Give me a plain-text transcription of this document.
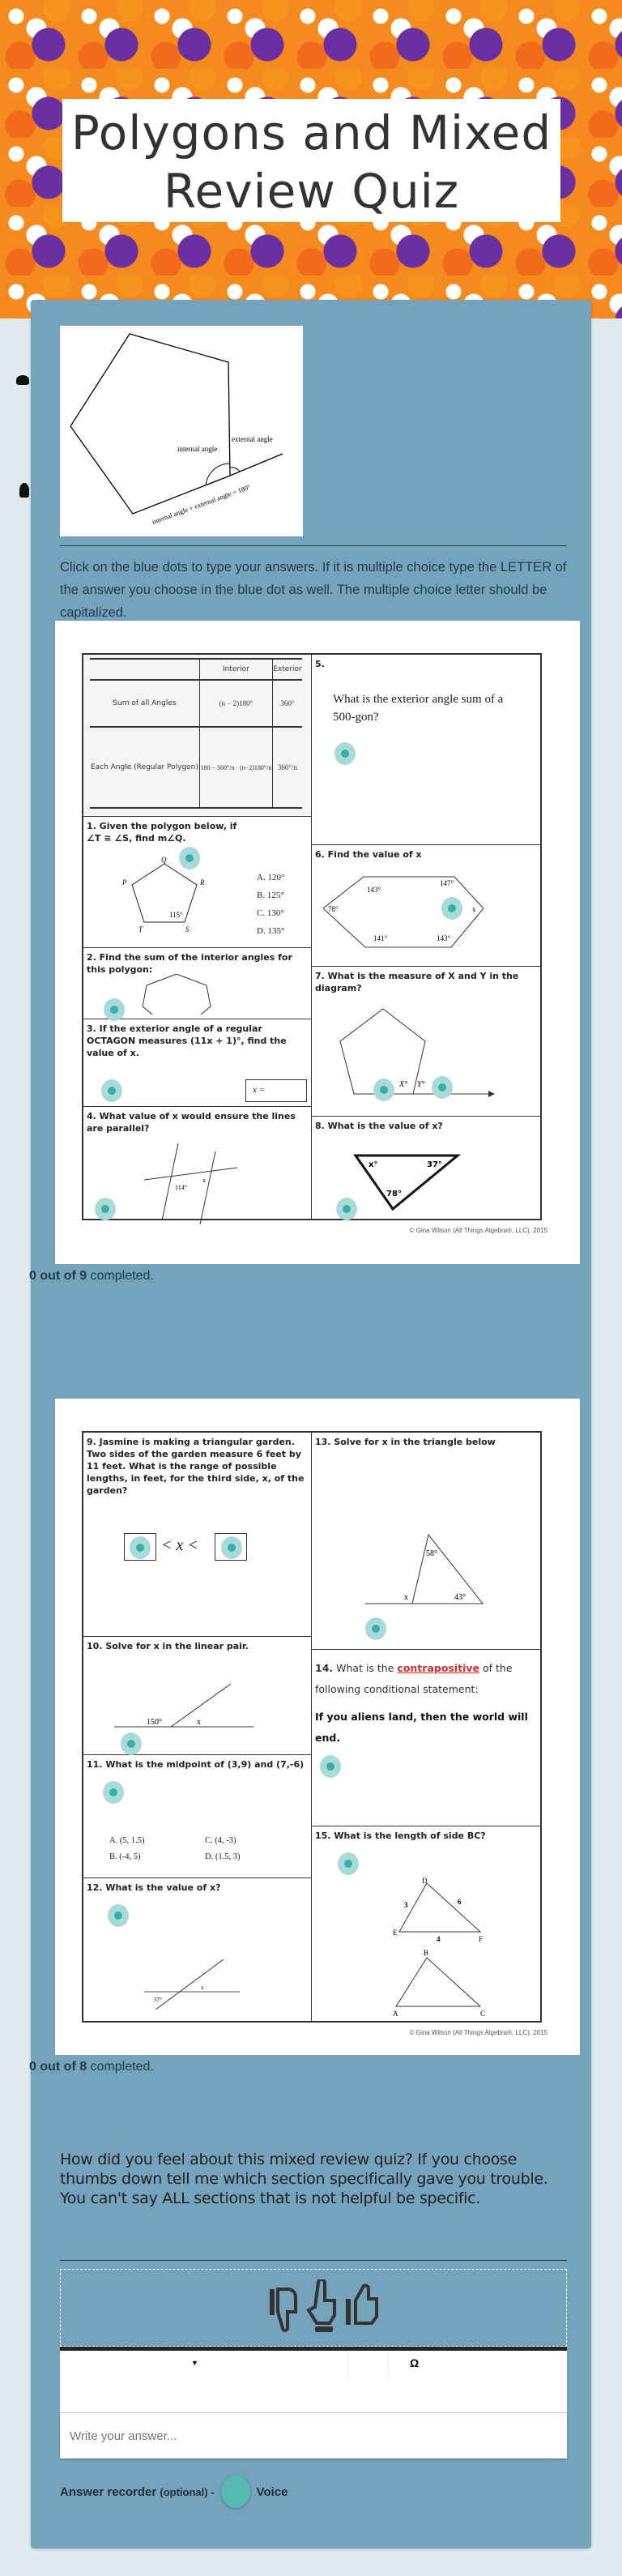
Polygons and Mixed
Review Quiz
internal angle
external angle
internal angle + external angle = 180°
Click on the blue dots to type your answers. If it is multiple choice type the LETTER of the answer you choose in the blue dot as well. The multiple choice letter should be capitalized.
	Interior	Exterior
Sum of all Angles	(n − 2)180°	360°
Each Angle (Regular Polygon)	180 − 360°/n · (n−2)180°/n	360°/n
1. Given the polygon below, if ∠T ≅ ∠S, find m∠Q.
Q
P	R
T	S
115°
A. 120°
B. 125°
C. 130°
D. 135°
2. Find the sum of the interior angles for this polygon:
3. If the exterior angle of a regular OCTAGON measures (11x + 1)°, find the value of x.
x =
4. What value of x would ensure the lines are parallel?
114°
x
5.
What is the exterior angle sum of a 500-gon?
6. Find the value of x
143°
147°
78°	x
141°	143°
7. What is the measure of X and Y in the diagram?
X° Y°
8. What is the value of x?
x°	37°
78°
© Gina Wilson (All Things Algebra®, LLC), 2015
0 out of 9 completed.
9. Jasmine is making a triangular garden. Two sides of the garden measure 6 feet by 11 feet. What is the range of possible lengths, in feet, for the third side, x, of the garden?
< x <
10. Solve for x in the linear pair.
150°	x
11. What is the midpoint of (3,9) and (7,-6)
A. (5, 1.5)
B. (-4, 5)
C. (4, -3)
D. (1.5, 3)
12. What is the value of x?
37°
x
13. Solve for x in the triangle below
58°
43°
x
14. What is the contrapositive of the following conditional statement:
If you aliens land, then the world will end.
15. What is the length of side BC?
D
E
F
3	6
4
B
A	C
© Gina Wilson (All Things Algebra®, LLC), 2015
0 out of 8 completed.
How did you feel about this mixed review quiz? If you choose thumbs down tell me which section specifically gave you trouble. You can't say ALL sections that is not helpful be specific.
▼	Ω
Write your answer...
Answer recorder (optional) -	Voice
